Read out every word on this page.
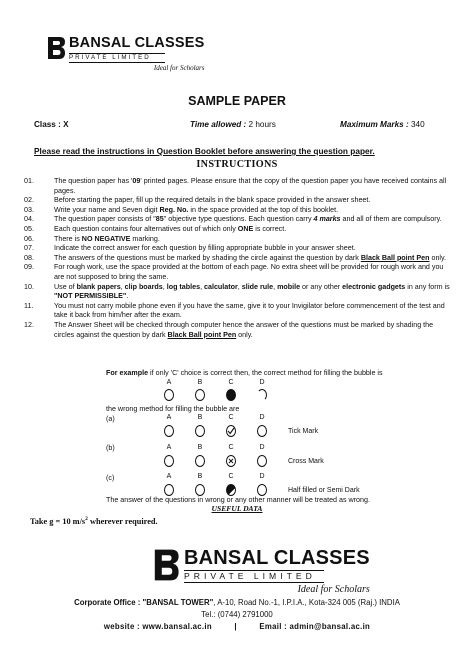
BANSAL CLASSES
PRIVATE LIMITED
Ideal for Scholars
SAMPLE PAPER
Class : X	Time allowed : 2 hours	Maximum Marks : 340
Please read the instructions in Question Booklet before answering the question paper.
INSTRUCTIONS
01.	The question paper has '09' printed pages. Please ensure that the copy of the question paper you have received contains all pages.
02.	Before starting the paper, fill up the required details in the blank space provided in the answer sheet.
03.	Write your name and Seven digit Reg. No. in the space provided at the top of this booklet.
04.	The question paper consists of "85" objective type questions. Each question carry 4 marks and all of them are compulsory.
05.	Each question contains four alternatives out of which only ONE is correct.
06.	There is NO NEGATIVE marking.
07.	Indicate the correct answer for each question by filling appropriate bubble in your answer sheet.
08.	The answers of the questions must be marked by shading the circle against the question by dark Black Ball point Pen only.
09.	For rough work, use the space provided at the bottom of each page. No extra sheet will be provided for rough work and you are not supposed to bring the same.
10.	Use of blank papers, clip boards, log tables, calculator, slide rule, mobile or any other electronic gadgets in any form is "NOT PERMISSIBLE".
11.	You must not carry mobile phone even if you have the same, give it to your Invigilator before commencement of the test and take it back from him/her after the exam.
12.	The Answer Sheet will be checked through computer hence the answer of the questions must be marked by shading the circles against the question by dark Black Ball point Pen only.
For example if only 'C' choice is correct then, the correct method for filling the bubble is
A	B	C	D
the wrong method for filling the bubble are
(a)	A	B	C	D
Tick Mark
(b)	A	B	C	D
Cross Mark
(c)	A	B	C	D
Half filled or Semi Dark
The answer of the questions in wrong or any other manner will be treated as wrong.
USEFUL DATA
Take g = 10 $m/s^2$ wherever required.
BANSAL CLASSES
PRIVATE LIMITED
Ideal for Scholars
Corporate Office : "BANSAL TOWER", A-10, Road No.-1, I.P.I.A., Kota-324 005 (Raj.) INDIA
Tel.: (0744) 2791000
website : www.bansal.ac.in	|	Email : admin@bansal.ac.in
